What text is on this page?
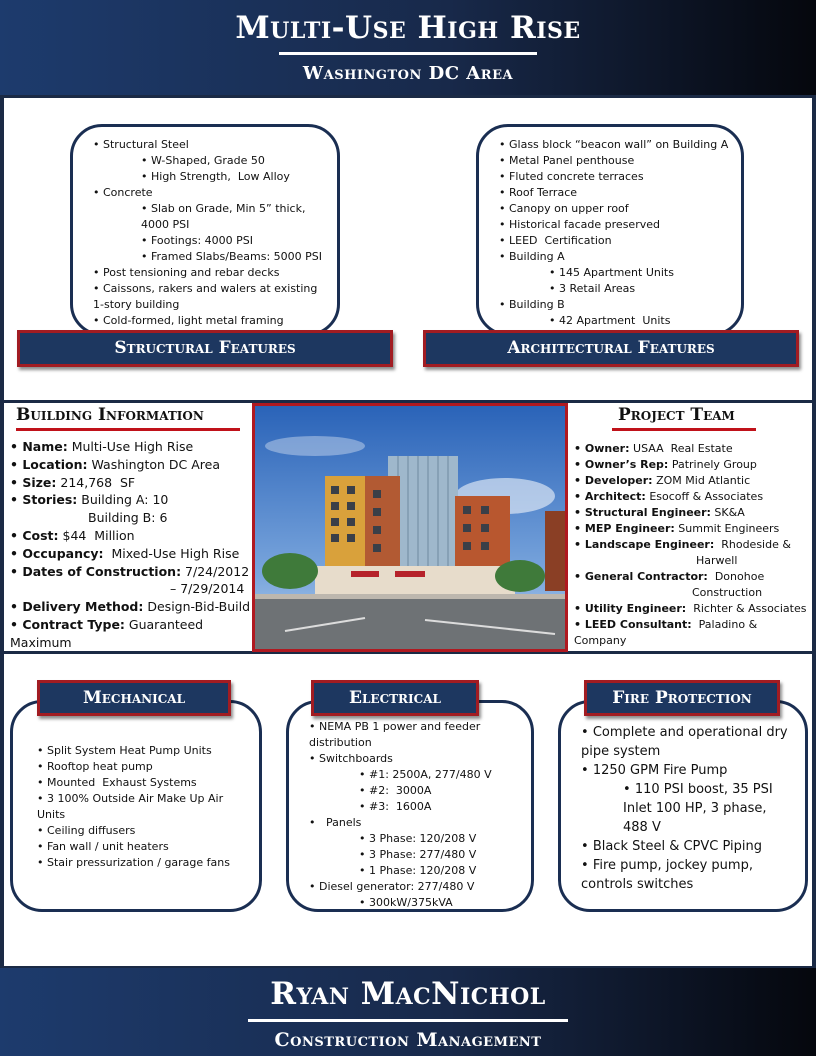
Multi-Use High Rise
Washington DC Area
• Structural Steel
• W-Shaped, Grade 50
• High Strength,  Low Alloy
• Concrete
• Slab on Grade, Min 5” thick,
4000 PSI
• Footings: 4000 PSI
• Framed Slabs/Beams: 5000 PSI
• Post tensioning and rebar decks
• Caissons, rakers and walers at existing 1-story building
• Cold-formed, light metal framing
Structural Features
• Glass block “beacon wall” on Building A
• Metal Panel penthouse
• Fluted concrete terraces
• Roof Terrace
• Canopy on upper roof
• Historical facade preserved
• LEED  Certification
• Building A
• 145 Apartment Units
• 3 Retail Areas
• Building B
• 42 Apartment  Units
Architectural Features
Building Information
• Name: Multi-Use High Rise
• Location: Washington DC Area
• Size: 214,768  SF
• Stories: Building A: 10
Building B: 6
• Cost: $44  Million
• Occupancy:  Mixed-Use High Rise
• Dates of Construction: 7/24/2012
– 7/29/2014
• Delivery Method: Design-Bid-Build
• Contract Type: Guaranteed Maximum
Project Team
• Owner: USAA  Real Estate
• Owner’s Rep: Patrinely Group
• Developer: ZOM Mid Atlantic
• Architect: Esocoff & Associates
• Structural Engineer: SK&A
• MEP Engineer: Summit Engineers
• Landscape Engineer:  Rhodeside &
Harwell
• General Contractor:  Donohoe
Construction
• Utility Engineer:  Richter & Associates
• LEED Consultant:  Paladino & Company
• Split System Heat Pump Units
• Rooftop heat pump
• Mounted  Exhaust Systems
• 3 100% Outside Air Make Up Air Units
• Ceiling diffusers
• Fan wall / unit heaters
• Stair pressurization / garage fans
Mechanical
• NEMA PB 1 power and feeder distribution
• Switchboards
• #1: 2500A, 277/480 V
• #2:  3000A
• #3:  1600A
•   Panels
• 3 Phase: 120/208 V
• 3 Phase: 277/480 V
• 1 Phase: 120/208 V
• Diesel generator: 277/480 V
• 300kW/375kVA
Electrical
• Complete and operational dry pipe system
• 1250 GPM Fire Pump
• 110 PSI boost, 35 PSI
Inlet 100 HP, 3 phase, 488 V
• Black Steel & CPVC Piping
• Fire pump, jockey pump, controls switches
Fire Protection
Ryan MacNichol
Construction Management
